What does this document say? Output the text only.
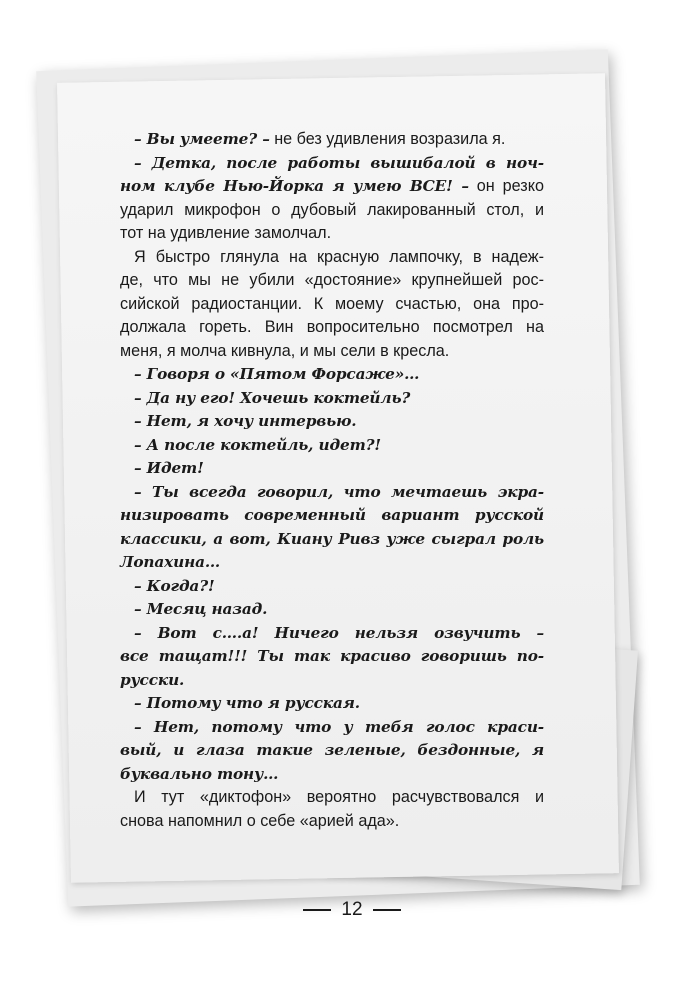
– Вы умеете? – не без удивления возразила я.
– Детка, после работы вышибалой в ноч-
ном клубе Нью-Йорка я умею ВСЕ! – он резко
ударил микрофон о дубовый лакированный стол, и
тот на удивление замолчал.
Я быстро глянула на красную лампочку, в надеж-
де, что мы не убили «достояние» крупнейшей рос-
сийской радиостанции. К моему счастью, она про-
должала гореть. Вин вопросительно посмотрел на
меня, я молча кивнула, и мы сели в кресла.
– Говоря о «Пятом Форсаже»…
– Да ну его! Хочешь коктейль?
– Нет, я хочу интервью.
– А после коктейль, идет?!
– Идет!
– Ты всегда говорил, что мечтаешь экра-
низировать современный вариант русской
классики, а вот, Киану Ривз уже сыграл роль
Лопахина…
– Когда?!
– Месяц назад.
– Вот с….а! Ничего нельзя озвучить –
все тащат!!! Ты так красиво говоришь по-
русски.
– Потому что я русская.
– Нет, потому что у тебя голос краси-
вый, и глаза такие зеленые, бездонные, я
буквально тону…
И тут «диктофон» вероятно расчувствовался и
снова напомнил о себе «арией ада».
12
